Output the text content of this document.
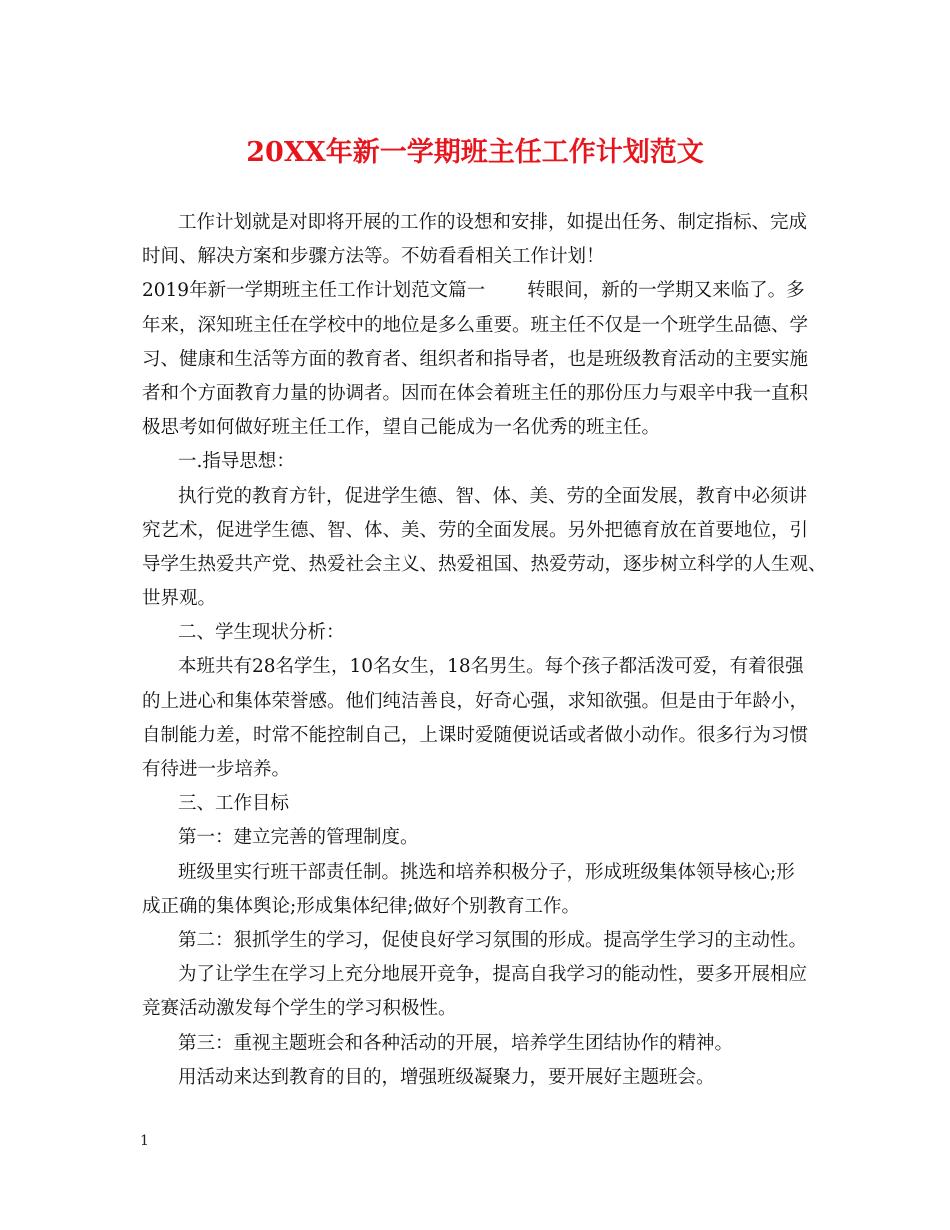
20XX年新一学期班主任工作计划范文
工作计划就是对即将开展的工作的设想和安排，如提出任务、制定指标、完成
时间、解决方案和步骤方法等。不妨看看相关工作计划！
2019年新一学期班主任工作计划范文篇一 转眼间，新的一学期又来临了。多
年来，深知班主任在学校中的地位是多么重要。班主任不仅是一个班学生品德、学
习、健康和生活等方面的教育者、组织者和指导者，也是班级教育活动的主要实施
者和个方面教育力量的协调者。因而在体会着班主任的那份压力与艰辛中我一直积
极思考如何做好班主任工作，望自己能成为一名优秀的班主任。
一.指导思想：
执行党的教育方针，促进学生德、智、体、美、劳的全面发展，教育中必须讲
究艺术，促进学生德、智、体、美、劳的全面发展。另外把德育放在首要地位，引
导学生热爱共产党、热爱社会主义、热爱祖国、热爱劳动，逐步树立科学的人生观、
世界观。
二、学生现状分析：
本班共有28名学生，10名女生，18名男生。每个孩子都活泼可爱，有着很强
的上进心和集体荣誉感。他们纯洁善良，好奇心强，求知欲强。但是由于年龄小，
自制能力差，时常不能控制自己，上课时爱随便说话或者做小动作。很多行为习惯
有待进一步培养。
三、工作目标
第一：建立完善的管理制度。
班级里实行班干部责任制。挑选和培养积极分子，形成班级集体领导核心;形
成正确的集体舆论;形成集体纪律;做好个别教育工作。
第二：狠抓学生的学习，促使良好学习氛围的形成。提高学生学习的主动性。
为了让学生在学习上充分地展开竞争，提高自我学习的能动性，要多开展相应
竞赛活动激发每个学生的学习积极性。
第三：重视主题班会和各种活动的开展，培养学生团结协作的精神。
用活动来达到教育的目的，增强班级凝聚力，要开展好主题班会。
1
